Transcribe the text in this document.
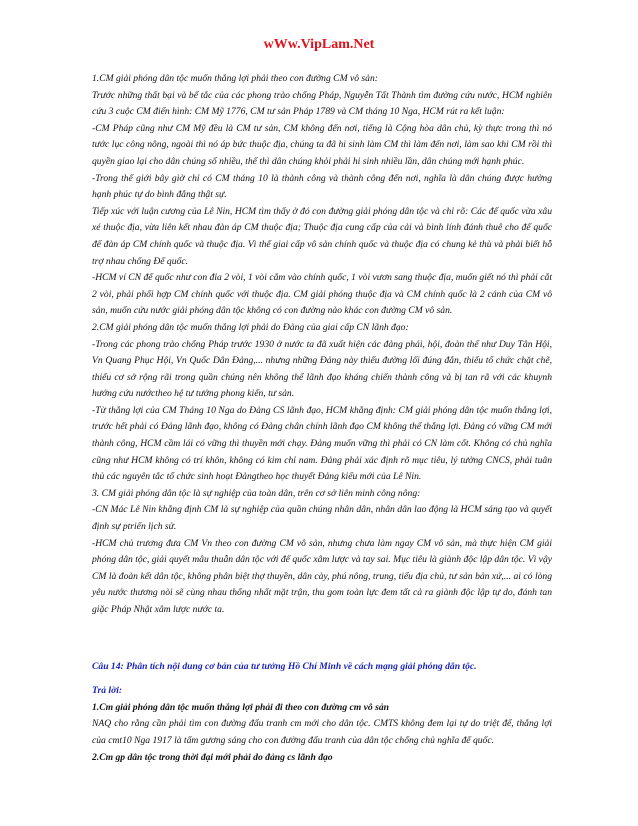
wWw.VipLam.Net

1.CM giải phóng dân tộc muốn thắng lợi phải theo con đường CM vô sản:

Trước những thất bại và bế tắc của các phong trào chống Pháp, Nguyễn Tất Thành tìm đường cứu nước, HCM nghiên cứu 3 cuộc CM điển hình: CM Mỹ 1776, CM tư sản Pháp 1789 và CM tháng 10 Nga, HCM rút ra kết luận:

-CM Pháp cũng như CM Mỹ đều là CM tư sản, CM không đến nơi, tiếng là Cộng hòa dân chủ, kỳ thực trong thì nó tước lục công nông, ngoài thì nó áp bức thuộc địa, chúng ta đã hi sinh làm CM thì làm đến nơi, làm sao khi CM rồi thì quyền giao lại cho dân chúng số nhiều, thế thì dân chúng khỏi phải hi sinh nhiều lần, dân chúng mới hạnh phúc.

-Trong thế giới bây giờ chỉ có CM tháng 10 là thành công và thành công đến nơi, nghĩa là dân chúng được hưởng hạnh phúc tự do bình đẳng thật sự.

Tiếp xúc với luận cương của Lê Nin, HCM tìm thấy ở đó con đường giải phóng dân tộc và chỉ rõ: Các đế quốc vừa xâu xé thuộc địa, vừa liên kết nhau đàn áp CM thuộc địa; Thuộc địa cung cấp của cải và binh lính đánh thuê cho đế quốc để đàn áp CM chính quốc và thuộc địa. Vì thế giai cấp vô sản chính quốc và thuộc địa có chung kẻ thù và phải biết hỗ trợ nhau chống Đế quốc.

-HCM ví CN đế quốc như con đỉa 2 vòi, 1 vòi cắm vào chính quốc, 1 vòi vươn sang thuộc địa, muốn giết nó thì phải cắt 2 vòi, phải phối hợp CM chính quốc với thuộc địa. CM giải phóng thuộc địa và CM chính quốc là 2 cánh của CM vô sản, muốn cứu nước giải phóng dân tộc không có con đường nào khác con đường CM vô sản.

2.CM giải phóng dân tộc muốn thắng lợi phải do Đảng của giai cấp CN lãnh đạo:

-Trong các phong trào chống Pháp trước 1930 ở nước ta đã xuất hiện các đảng phái, hội, đoàn thể như Duy Tân Hội, Vn Quang Phục Hội, Vn Quốc Dân Đảng,... nhưng những Đảng này thiếu đường lối đúng đắn, thiếu tổ chức chặt chẽ, thiếu cơ sở rộng rãi trong quần chúng nên không thể lãnh đạo kháng chiến thành công và bị tan rã với các khuynh hướng cứu nướctheo hệ tư tưởng phong kiến, tư sản.

-Từ thắng lợi của CM Tháng 10 Nga do Đảng CS lãnh đạo, HCM khẳng định: CM giải phóng dân tộc muốn thắng lợi, trước hết phải có Đảng lãnh đạo, không có Đảng chân chính lãnh đạo CM không thể thắng lợi. Đảng có vững CM mới thành công, HCM cầm lái có vững thì thuyền mới chạy. Đảng muốn vững thì phải có CN làm cốt. Không có chủ nghĩa cũng như HCM không có trí khôn, không có kim chỉ nam. Đảng phải xác định rõ mục tiêu, lý tưởng CNCS, phải tuân thủ các nguyên tắc tổ chức sinh hoạt Đảngtheo học thuyết Đảng kiểu mới của Lê Nin.

3. CM giải phóng dân tộc là sự nghiệp của toàn dân, trên cơ sở liên minh công nông:

-CN Mác Lê Nin khẳng định CM là sự nghiệp của quần chúng nhân dân, nhân dân lao động là HCM sáng tạo và quyết định sự ptriển lịch sử.

-HCM chủ trương đưa CM Vn theo con đường CM vô sản, nhưng chưa làm ngay CM vô sản, mà thực hiện CM giải phóng dân tộc, giải quyết mâu thuẫn dân tộc với đế quốc xâm lược và tay sai. Mục tiêu là giành độc lập dân tộc. Vì vậy CM là đoàn kết dân tộc, không phân biệt thợ thuyền, dân cày, phú nông, trung, tiểu địa chủ, tư sản bản xứ,... ai có lòng yêu nước thương nòi sẽ cùng nhau thống nhất mặt trận, thu gom toàn lực đem tất cả ra giành độc lập tự do, đánh tan giặc Pháp Nhật xâm lược nước ta.

Câu 14: Phân tích nội dung cơ bản của tư tưởng Hồ Chí Minh về cách mạng giải phóng dân tộc.

Trả lời:

1.Cm giải phóng dân tộc muốn thắng lợi phải đi theo con đường cm vô sản

NAQ cho rằng cần phải tìm con đường đấu tranh cm mới cho dân tộc. CMTS không đem lại tự do triệt để, thắng lợi của cmt10 Nga 1917 là tấm gương sáng cho con đường đấu tranh của dân tộc chống chủ nghĩa đế quốc.

2.Cm gp dân tộc trong thời đại mới phải do đảng cs lãnh đạo
